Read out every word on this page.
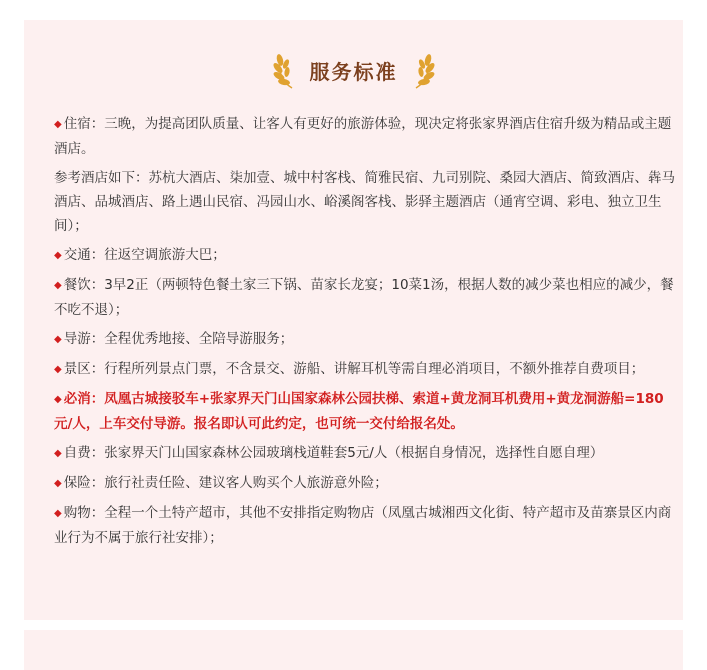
服务标准

◆ 住宿：三晚，为提高团队质量、让客人有更好的旅游体验，现决定将张家界酒店住宿升级为精品或主题酒店。

参考酒店如下：苏杭大酒店、柒加壹、城中村客栈、简雅民宿、九司别院、桑园大酒店、简致酒店、犇马酒店、品城酒店、路上遇山民宿、冯园山水、峪溪阁客栈、影驿主题酒店（通宵空调、彩电、独立卫生间）；

◆ 交通：往返空调旅游大巴；

◆ 餐饮：3早2正（两顿特色餐土家三下锅、苗家长龙宴；10菜1汤，根据人数的减少菜也相应的减少，餐不吃不退）；

◆ 导游：全程优秀地接、全陪导游服务；

◆ 景区：行程所列景点门票，不含景交、游船、讲解耳机等需自理必消项目，不额外推荐自费项目；

◆ 必消：凤凰古城接驳车+张家界天门山国家森林公园扶梯、索道+黄龙洞耳机费用+黄龙洞游船=180元/人，上车交付导游。报名即认可此约定，也可统一交付给报名处。

◆ 自费：张家界天门山国家森林公园玻璃栈道鞋套5元/人（根据自身情况，选择性自愿自理）

◆ 保险：旅行社责任险、建议客人购买个人旅游意外险；

◆ 购物：全程一个土特产超市，其他不安排指定购物店（凤凰古城湘西文化街、特产超市及苗寨景区内商业行为不属于旅行社安排）；
